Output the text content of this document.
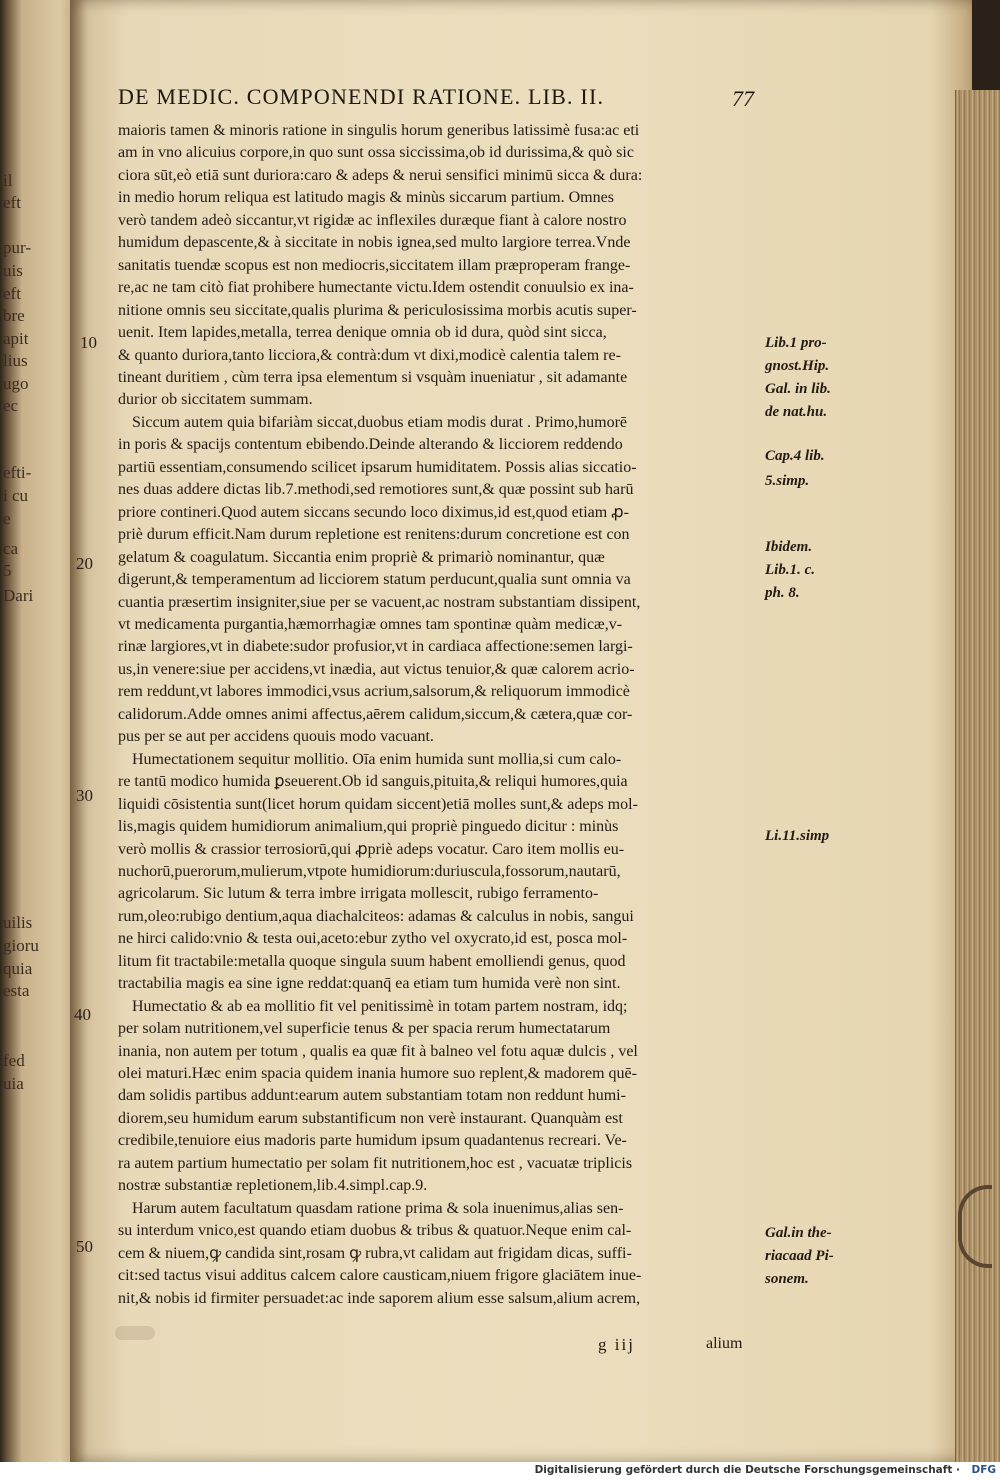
il
eft
pur-
uis
eft
bre
apit
lius
ugo
ec
efti-
i cu
e
ca
5
Dari
uilis
gioru
quia
esta
fed
uia
DE MEDIC. COMPONENDI RATIONE. LIB. II.	77
maioris tamen & minoris ratione in singulis horum generibus latissimè fusa:ac eti
am in vno alicuius corpore,in quo sunt ossa siccissima,ob id durissima,& quò sic
ciora sūt,eò etiā sunt duriora:caro & adeps & nerui sensifici minimū sicca & dura:
in medio horum reliqua est latitudo magis & minùs siccarum partium. Omnes
verò tandem adeò siccantur,vt rigidæ ac inflexiles duræque fiant à calore nostro
humidum depascente,& à siccitate in nobis ignea,sed multo largiore terrea.Vnde
sanitatis tuendæ scopus est non mediocris,siccitatem illam præproperam frange-
re,ac ne tam citò fiat prohibere humectante victu.Idem ostendit conuulsio ex ina-
nitione omnis seu siccitate,qualis plurima & periculosissima morbis acutis super-
uenit. Item lapides,metalla, terrea denique omnia ob id dura, quòd sint sicca,
& quanto duriora,tanto licciora,& contrà:dum vt dixi,modicè calentia talem re-
tineant duritiem , cùm terra ipsa elementum si vsquàm inueniatur , sit adamante
durior ob siccitatem summam.
Siccum autem quia bifariàm siccat,duobus etiam modis durat . Primo,humorē
in poris & spacijs contentum ebibendo.Deinde alterando & licciorem reddendo
partiū essentiam,consumendo scilicet ipsarum humiditatem. Possis alias siccatio-
nes duas addere dictas lib.7.methodi,sed remotiores sunt,& quæ possint sub harū
priore contineri.Quod autem siccans secundo loco diximus,id est,quod etiam ꝓ-
priè durum efficit.Nam durum repletione est renitens:durum concretione est con
gelatum & coagulatum. Siccantia enim propriè & primariò nominantur, quæ
digerunt,& temperamentum ad licciorem statum perducunt,qualia sunt omnia va
cuantia præsertim insigniter,siue per se vacuent,ac nostram substantiam dissipent,
vt medicamenta purgantia,hæmorrhagiæ omnes tam spontinæ quàm medicæ,v-
rinæ largiores,vt in diabete:sudor profusior,vt in cardiaca affectione:semen largi-
us,in venere:siue per accidens,vt inædia, aut victus tenuior,& quæ calorem acrio-
rem reddunt,vt labores immodici,vsus acrium,salsorum,& reliquorum immodicè
calidorum.Adde omnes animi affectus,aērem calidum,siccum,& cætera,quæ cor-
pus per se aut per accidens quouis modo vacuant.
Humectationem sequitur mollitio. Oīa enim humida sunt mollia,si cum calo-
re tantū modico humida ꝑseuerent.Ob id sanguis,pituita,& reliqui humores,quia
liquidi cōsistentia sunt(licet horum quidam siccent)etiā molles sunt,& adeps mol-
lis,magis quidem humidiorum animalium,qui propriè pinguedo dicitur : minùs
verò mollis & crassior terrosiorū,qui ꝓpriè adeps vocatur. Caro item mollis eu-
nuchorū,puerorum,mulierum,vtpote humidiorum:duriuscula,fossorum,nautarū,
agricolarum. Sic lutum & terra imbre irrigata mollescit, rubigo ferramento-
rum,oleo:rubigo dentium,aqua diachalciteos: adamas & calculus in nobis, sangui
ne hirci calido:vnio & testa oui,aceto:ebur zytho vel oxycrato,id est, posca mol-
litum fit tractabile:metalla quoque singula suum habent emolliendi genus, quod
tractabilia magis ea sine igne reddat:quanq̄ ea etiam tum humida verè non sint.
Humectatio & ab ea mollitio fit vel penitissimè in totam partem nostram, idq;
per solam nutritionem,vel superficie tenus & per spacia rerum humectatarum
inania, non autem per totum , qualis ea quæ fit à balneo vel fotu aquæ dulcis , vel
olei maturi.Hæc enim spacia quidem inania humore suo replent,& madorem quē-
dam solidis partibus addunt:earum autem substantiam totam non reddunt humi-
diorem,seu humidum earum substantificum non verè instaurant. Quanquàm est
credibile,tenuiore eius madoris parte humidum ipsum quadantenus recreari. Ve-
ra autem partium humectatio per solam fit nutritionem,hoc est , vacuatæ triplicis
nostræ substantiæ repletionem,lib.4.simpl.cap.9.
Harum autem facultatum quasdam ratione prima & sola inuenimus,alias sen-
su interdum vnico,est quando etiam duobus & tribus & quatuor.Neque enim cal-
cem & niuem,ꝙ candida sint,rosam ꝙ rubra,vt calidam aut frigidam dicas, suffi-
cit:sed tactus visui additus calcem calore causticam,niuem frigore glaciātem inue-
nit,& nobis id firmiter persuadet:ac inde saporem alium esse salsum,alium acrem,
10
20
30
40
50
Lib.1 pro-
gnost.Hip.
Gal. in lib.
de nat.hu.
Cap.4 lib.
5.simp.
Ibidem.
Lib.1. c.
ph. 8.
Li.11.simp
Gal.in the-
riacaad Pi-
sonem.
g iij	alium
Digitalisierung gefördert durch die Deutsche Forschungsgemeinschaft · DFG
